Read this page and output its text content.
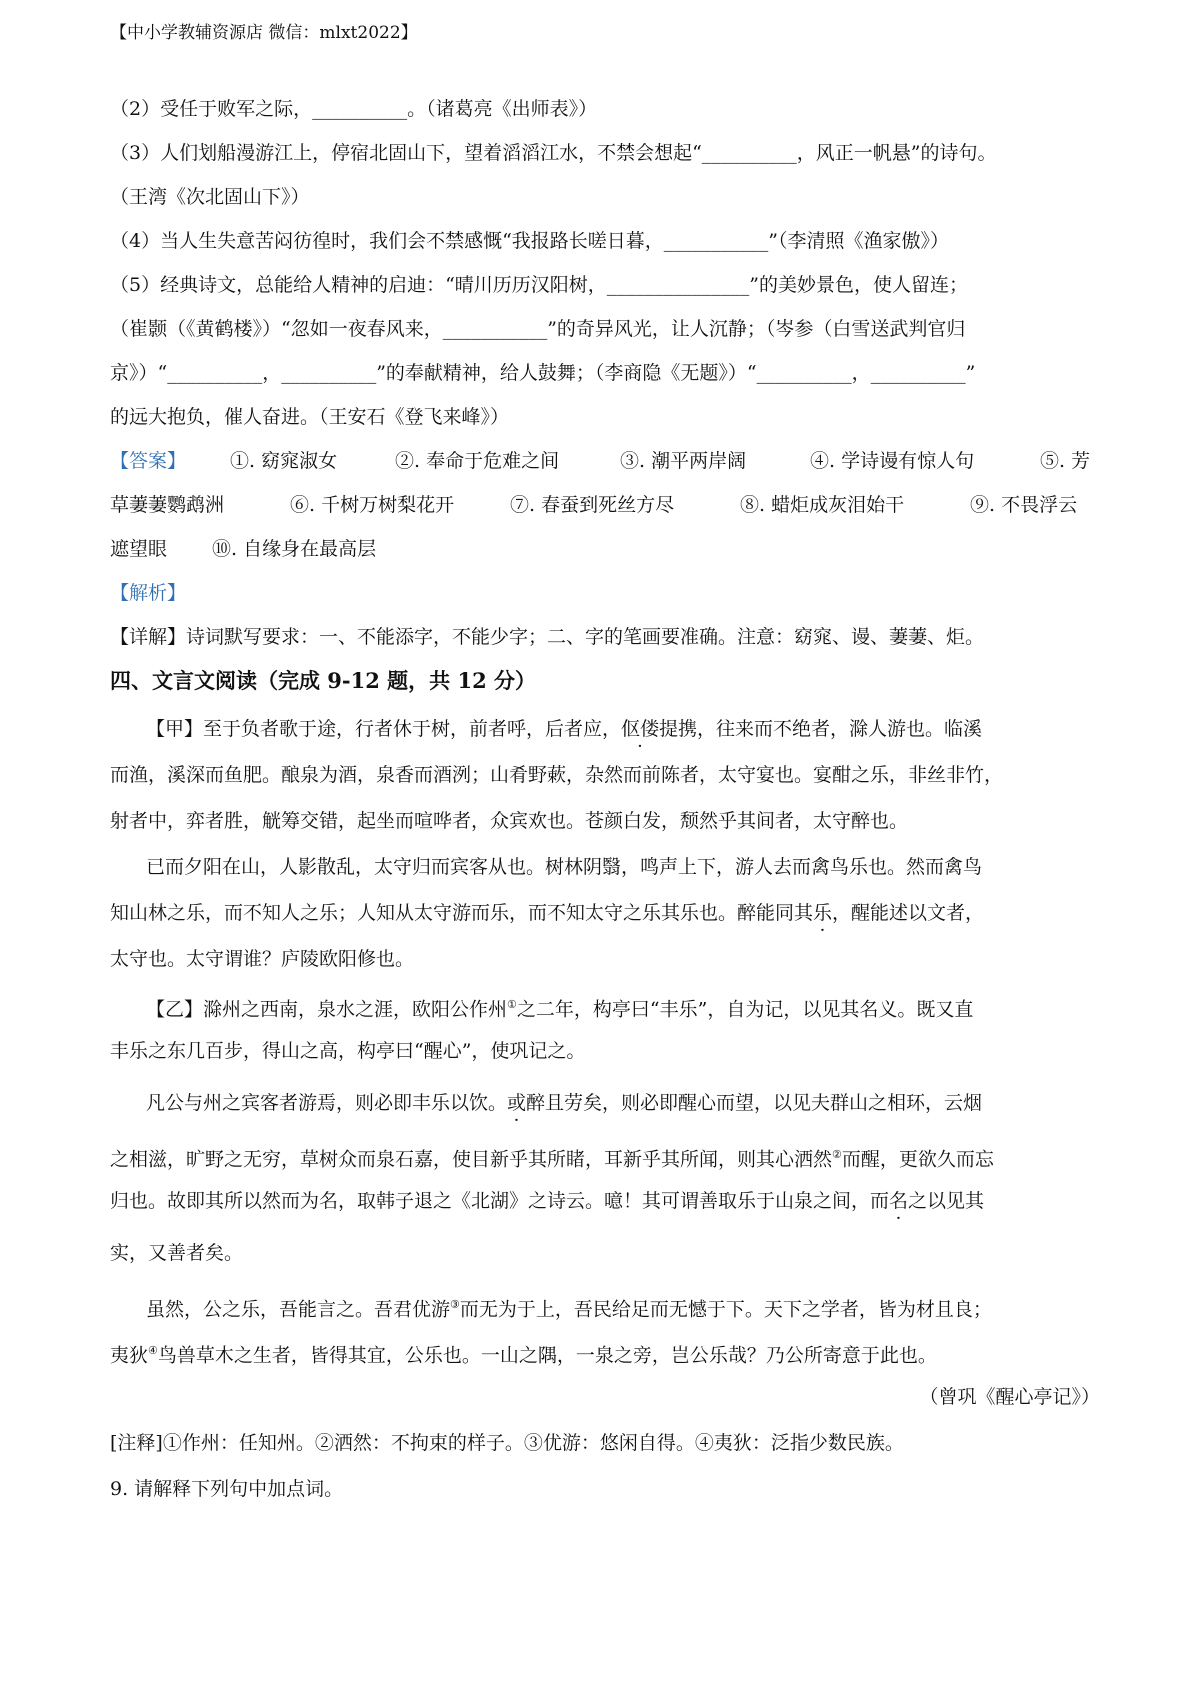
【中小学教辅资源店 微信：mlxt2022】
（2）受任于败军之际，__________。（诸葛亮《出师表》）
（3）人们划船漫游江上，停宿北固山下，望着滔滔江水，不禁会想起“__________，风正一帆悬”的诗句。
（王湾《次北固山下》）
（4）当人生失意苦闷彷徨时，我们会不禁感慨“我报路长嗟日暮，___________”（李清照《渔家傲》）
（5）经典诗文，总能给人精神的启迪：“晴川历历汉阳树，_______________”的美妙景色，使人留连；
（崔颢（《黄鹤楼》）“忽如一夜春风来，___________”的奇异风光，让人沉静；（岑参（白雪送武判官归
京》）“__________，__________”的奉献精神，给人鼓舞；（李商隐《无题》）“__________，__________”
的远大抱负，催人奋进。（王安石《登飞来峰》）
【答案】 ①. 窈窕淑女	②. 奉命于危难之间	③. 潮平两岸阔	④. 学诗谩有惊人句	⑤. 芳
草萋萋鹦鹉洲	⑥. 千树万树梨花开	⑦. 春蚕到死丝方尽	⑧. 蜡炬成灰泪始干	⑨. 不畏浮云
遮望眼 ⑩. 自缘身在最高层
【解析】
【详解】诗词默写要求：一、不能添字，不能少字；二、字的笔画要准确。注意：窈窕、谩、萋萋、炬。
四、文言文阅读（完成 9-12 题，共 12 分）
【甲】至于负者歌于途，行者休于树，前者呼，后者应，伛偻提携，往来而不绝者，滁人游也。临溪
而渔，溪深而鱼肥。酿泉为酒，泉香而酒洌；山肴野蔌，杂然而前陈者，太守宴也。宴酣之乐，非丝非竹，
射者中，弈者胜，觥筹交错，起坐而喧哗者，众宾欢也。苍颜白发，颓然乎其间者，太守醉也。
已而夕阳在山，人影散乱，太守归而宾客从也。树林阴翳，鸣声上下，游人去而禽鸟乐也。然而禽鸟
知山林之乐，而不知人之乐；人知从太守游而乐，而不知太守之乐其乐也。醉能同其乐，醒能述以文者，
太守也。太守谓谁？庐陵欧阳修也。
【乙】滁州之西南，泉水之涯，欧阳公作州①之二年，构亭曰“丰乐”，自为记，以见其名义。既又直
丰乐之东几百步，得山之高，构亭曰“醒心”，使巩记之。
凡公与州之宾客者游焉，则必即丰乐以饮。或醉且劳矣，则必即醒心而望，以见夫群山之相环，云烟
之相滋，旷野之无穷，草树众而泉石嘉，使目新乎其所睹，耳新乎其所闻，则其心洒然②而醒，更欲久而忘
归也。故即其所以然而为名，取韩子退之《北湖》之诗云。噫！其可谓善取乐于山泉之间，而名之以见其
实，又善者矣。
虽然，公之乐，吾能言之。吾君优游③而无为于上，吾民给足而无憾于下。天下之学者，皆为材且良；
夷狄④鸟兽草木之生者，皆得其宜，公乐也。一山之隅，一泉之旁，岂公乐哉？乃公所寄意于此也。
（曾巩《醒心亭记》）
[注释]①作州：任知州。②洒然：不拘束的样子。③优游：悠闲自得。④夷狄：泛指少数民族。
9. 请解释下列句中加点词。
